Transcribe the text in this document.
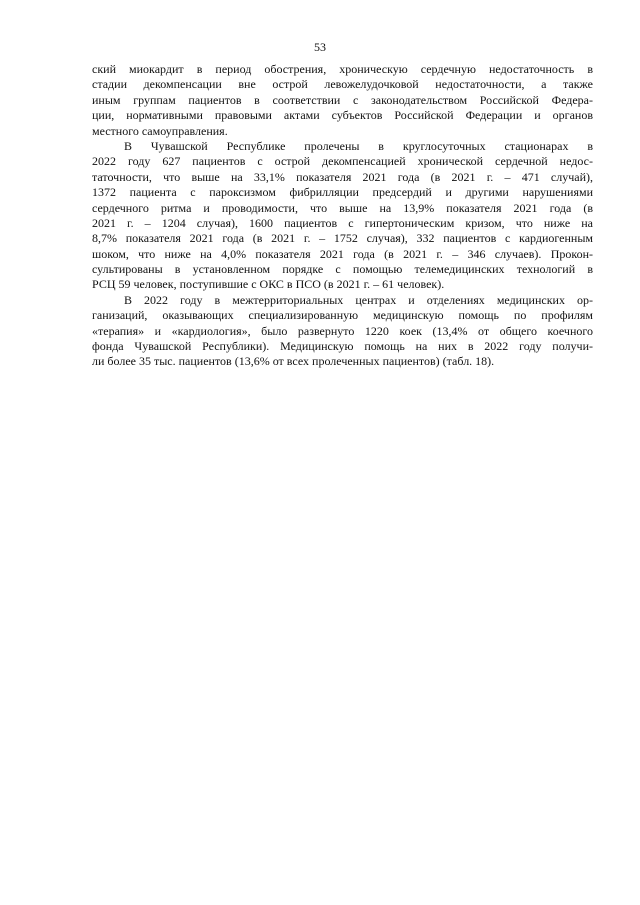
53
ский миокардит в период обострения, хроническую сердечную недостаточность в
стадии декомпенсации вне острой левожелудочковой недостаточности, а также
иным группам пациентов в соответствии с законодательством Российской Федера-
ции, нормативными правовыми актами субъектов Российской Федерации и органов
местного самоуправления.
В Чувашской Республике пролечены в круглосуточных стационарах в
2022 году 627 пациентов с острой декомпенсацией хронической сердечной недос-
таточности, что выше на 33,1% показателя 2021 года (в 2021 г. – 471 случай),
1372 пациента с пароксизмом фибрилляции предсердий и другими нарушениями
сердечного ритма и проводимости, что выше на 13,9% показателя 2021 года (в
2021 г. – 1204 случая), 1600 пациентов с гипертоническим кризом, что ниже на
8,7% показателя 2021 года (в 2021 г. – 1752 случая), 332 пациентов с кардиогенным
шоком, что ниже на 4,0% показателя 2021 года (в 2021 г. – 346 случаев). Прокон-
сультированы в установленном порядке с помощью телемедицинских технологий в
РСЦ 59 человек, поступившие с ОКС в ПСО (в 2021 г. – 61 человек).
В 2022 году в межтерриториальных центрах и отделениях медицинских ор-
ганизаций, оказывающих специализированную медицинскую помощь по профилям
«терапия» и «кардиология», было развернуто 1220 коек (13,4% от общего коечного
фонда Чувашской Республики). Медицинскую помощь на них в 2022 году получи-
ли более 35 тыс. пациентов (13,6% от всех пролеченных пациентов) (табл. 18).
